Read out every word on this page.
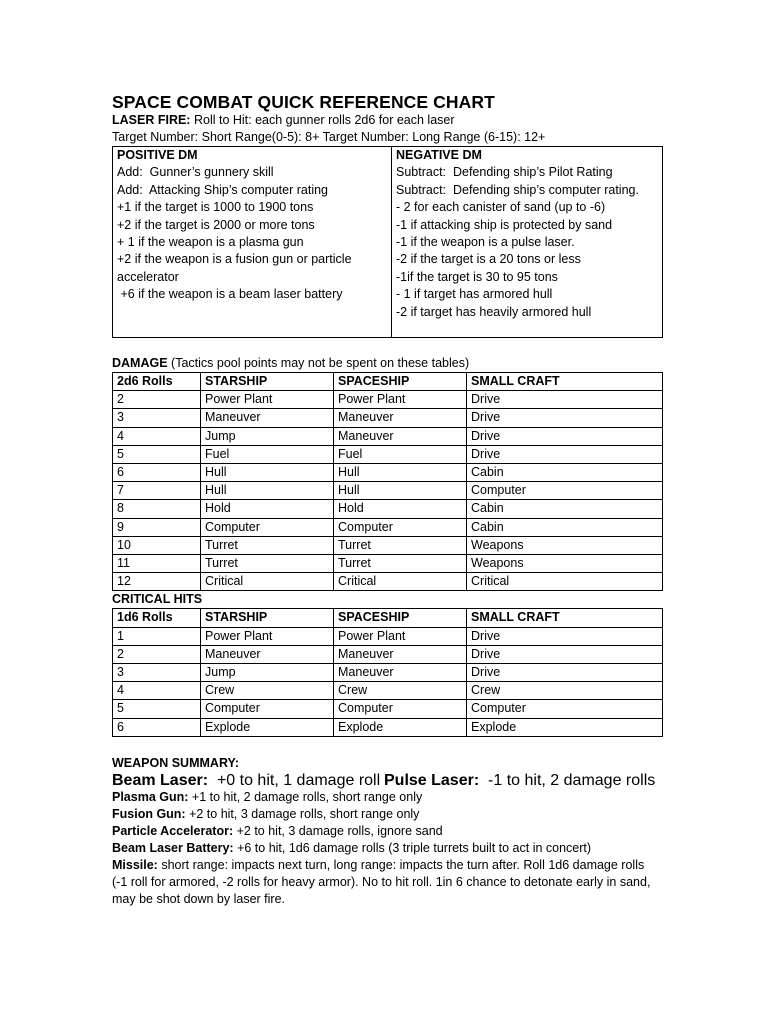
SPACE COMBAT QUICK REFERENCE CHART
LASER FIRE: Roll to Hit: each gunner rolls 2d6 for each laser
Target Number: Short Range(0-5): 8+ Target Number: Long Range (6-15): 12+
POSITIVE DM
Add:  Gunner’s gunnery skill
Add:  Attacking Ship’s computer rating
+1 if the target is 1000 to 1900 tons
+2 if the target is 2000 or more tons
+ 1 if the weapon is a plasma gun
+2 if the weapon is a fusion gun or particle accelerator
+6 if the weapon is a beam laser battery

NEGATIVE DM
Subtract:  Defending ship’s Pilot Rating
Subtract:  Defending ship’s computer rating.
- 2 for each canister of sand (up to -6)
-1 if attacking ship is protected by sand
-1 if the weapon is a pulse laser.
-2 if the target is a 20 tons or less
-1if the target is 30 to 95 tons
- 1 if target has armored hull
-2 if target has heavily armored hull
DAMAGE (Tactics pool points may not be spent on these tables)
2d6 Rolls	STARSHIP	SPACESHIP	SMALL CRAFT
2	Power Plant	Power Plant	Drive
3	Maneuver	Maneuver	Drive
4	Jump	Maneuver	Drive
5	Fuel	Fuel	Drive
6	Hull	Hull	Cabin
7	Hull	Hull	Computer
8	Hold	Hold	Cabin
9	Computer	Computer	Cabin
10	Turret	Turret	Weapons
11	Turret	Turret	Weapons
12	Critical	Critical	Critical
CRITICAL HITS
1d6 Rolls	STARSHIP	SPACESHIP	SMALL CRAFT
1	Power Plant	Power Plant	Drive
2	Maneuver	Maneuver	Drive
3	Jump	Maneuver	Drive
4	Crew	Crew	Crew
5	Computer	Computer	Computer
6	Explode	Explode	Explode
WEAPON SUMMARY:
Beam Laser:  +0 to hit, 1 damage roll Pulse Laser:  -1 to hit, 2 damage rolls
Plasma Gun: +1 to hit, 2 damage rolls, short range only
Fusion Gun: +2 to hit, 3 damage rolls, short range only
Particle Accelerator: +2 to hit, 3 damage rolls, ignore sand
Beam Laser Battery: +6 to hit, 1d6 damage rolls (3 triple turrets built to act in concert)
Missile: short range: impacts next turn, long range: impacts the turn after. Roll 1d6 damage rolls (-1 roll for armored, -2 rolls for heavy armor). No to hit roll. 1in 6 chance to detonate early in sand, may be shot down by laser fire.
